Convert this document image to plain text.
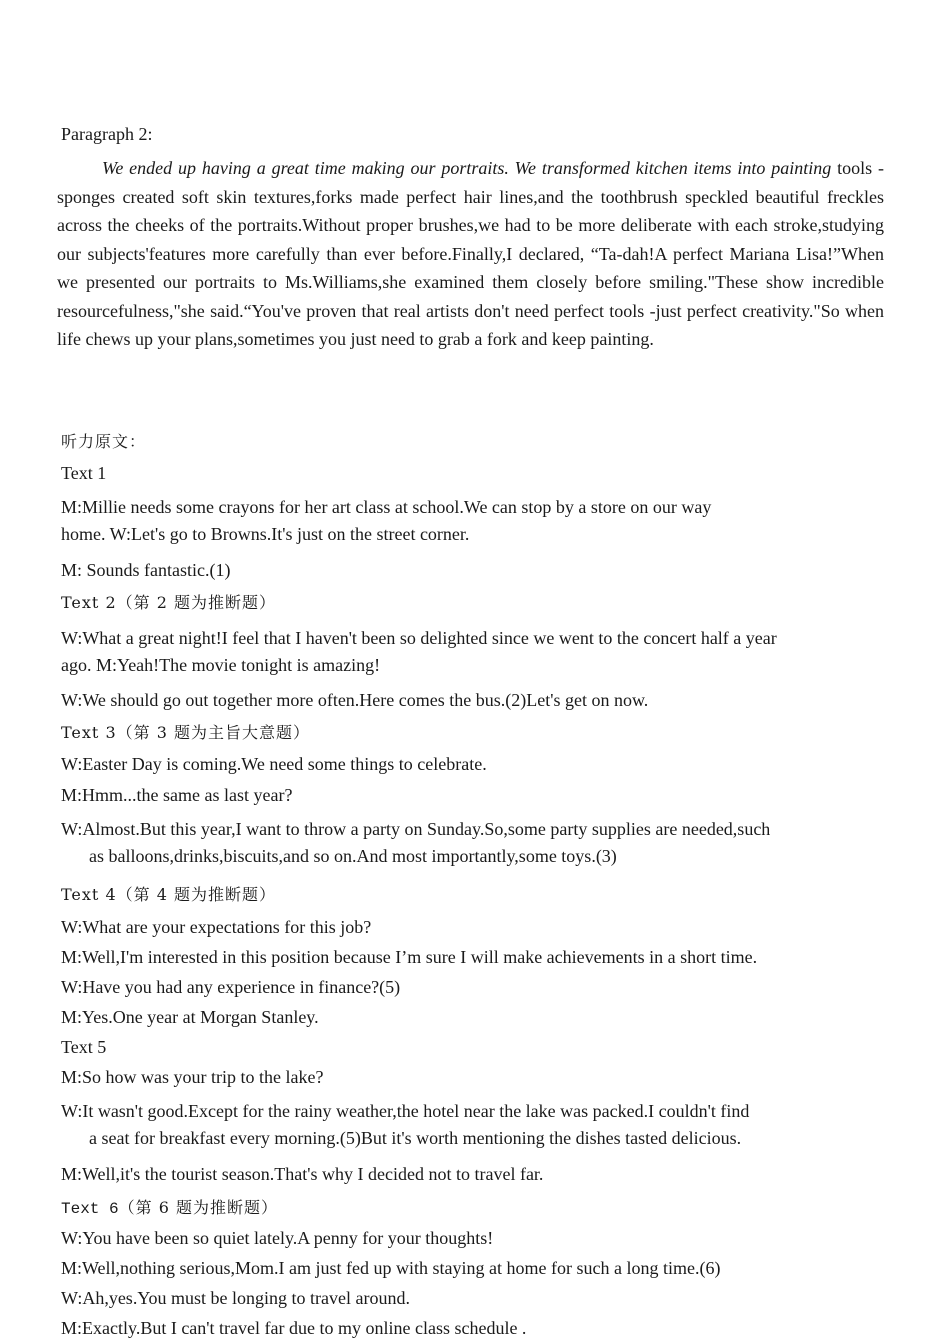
Paragraph 2:

We ended up having a great time making our portraits. We transformed kitchen items into painting tools -sponges created soft skin textures,forks made perfect hair lines,and the toothbrush speckled beautiful freckles across the cheeks of the portraits.Without proper brushes,we had to be more deliberate with each stroke,studying our subjects'features more carefully than ever before.Finally,I declared, “Ta-dah!A perfect Mariana Lisa!”When we presented our portraits to Ms.Williams,she examined them closely before smiling."These show incredible resourcefulness,"she said.“You've proven that real artists don't need perfect tools -just perfect creativity."So when life chews up your plans,sometimes you just need to grab a fork and keep painting.

听力原文：
Text 1
M:Millie needs some crayons for her art class at school.We can stop by a store on our way
home. W:Let's go to Browns.It's just on the street corner.
M: Sounds fantastic.(1)
Text 2（第 2 题为推断题）
W:What a great night!I feel that I haven't been so delighted since we went to the concert half a year
ago. M:Yeah!The movie tonight is amazing!
W:We should go out together more often.Here comes the bus.(2)Let's get on now.
Text 3（第 3 题为主旨大意题）
W:Easter Day is coming.We need some things to celebrate.
M:Hmm...the same as last year?
W:Almost.But this year,I want to throw a party on Sunday.So,some party supplies are needed,such
as balloons,drinks,biscuits,and so on.And most importantly,some toys.(3)
Text 4（第 4 题为推断题）
W:What are your expectations for this job?
M:Well,I'm interested in this position because I’m sure I will make achievements in a short time.
W:Have you had any experience in finance?(5)
M:Yes.One year at Morgan Stanley.
Text 5
M:So how was your trip to the lake?
W:It wasn't good.Except for the rainy weather,the hotel near the lake was packed.I couldn't find
a seat for breakfast every morning.(5)But it's worth mentioning the dishes tasted delicious.
M:Well,it's the tourist season.That's why I decided not to travel far.
Text 6（第 6 题为推断题）
W:You have been so quiet lately.A penny for your thoughts!
M:Well,nothing serious,Mom.I am just fed up with staying at home for such a long time.(6)
W:Ah,yes.You must be longing to travel around.
M:Exactly.But I can't travel far due to my online class schedule .
